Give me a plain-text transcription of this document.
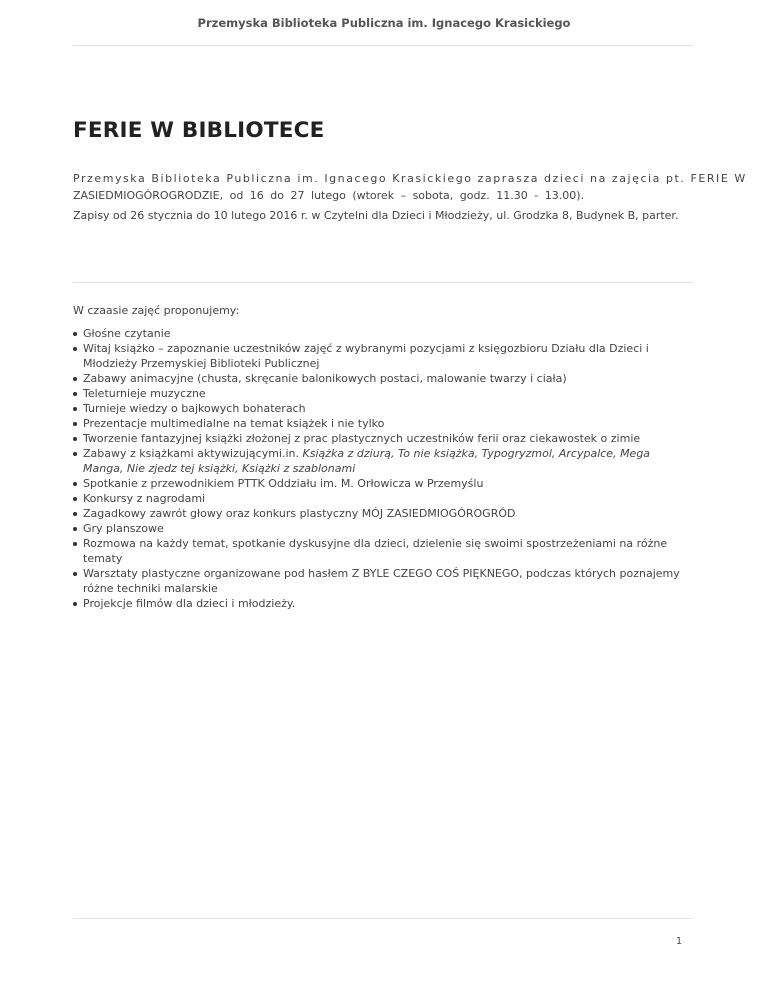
Przemyska Biblioteka Publiczna im. Ignacego Krasickiego
FERIE W BIBLIOTECE

Przemyska Biblioteka Publiczna im. Ignacego Krasickiego zaprasza dzieci na zajęcia pt. FERIE W
ZASIEDMIOGÓROGRODZIE, od 16 do 27 lutego (wtorek – sobota, godz. 11.30 - 13.00).

Zapisy od 26 stycznia do 10 lutego 2016 r. w Czytelni dla Dzieci i Młodzieży, ul. Grodzka 8, Budynek B, parter.

W czaasie zajęć proponujemy:

Głośne czytanie
Witaj książko – zapoznanie uczestników zajęć z wybranymi pozycjami z księgozbioru Działu dla Dzieci i Młodzieży Przemyskiej Biblioteki Publicznej
Zabawy animacyjne (chusta, skręcanie balonikowych postaci, malowanie twarzy i ciała)
Teleturnieje muzyczne
Turnieje wiedzy o bajkowych bohaterach
Prezentacje multimedialne na temat książek i nie tylko
Tworzenie fantazyjnej książki złożonej z prac plastycznych uczestników ferii oraz ciekawostek o zimie
Zabawy z książkami aktywizującymi.in. Książka z dziurą, To nie książka, Typogryzmol, Arcypalce, Mega Manga, Nie zjedz tej książki, Książki z szablonami
Spotkanie z przewodnikiem PTTK Oddziału im. M. Orłowicza w Przemyślu
Konkursy z nagrodami
Zagadkowy zawrót głowy oraz konkurs plastyczny MÓJ ZASIEDMIOGÓROGRÓD
Gry planszowe
Rozmowa na każdy temat, spotkanie dyskusyjne dla dzieci, dzielenie się swoimi spostrzeżeniami na różne tematy
Warsztaty plastyczne organizowane pod hasłem Z BYLE CZEGO COŚ PIĘKNEGO, podczas których poznajemy różne techniki malarskie
Projekcje filmów dla dzieci i młodzieży.
1
